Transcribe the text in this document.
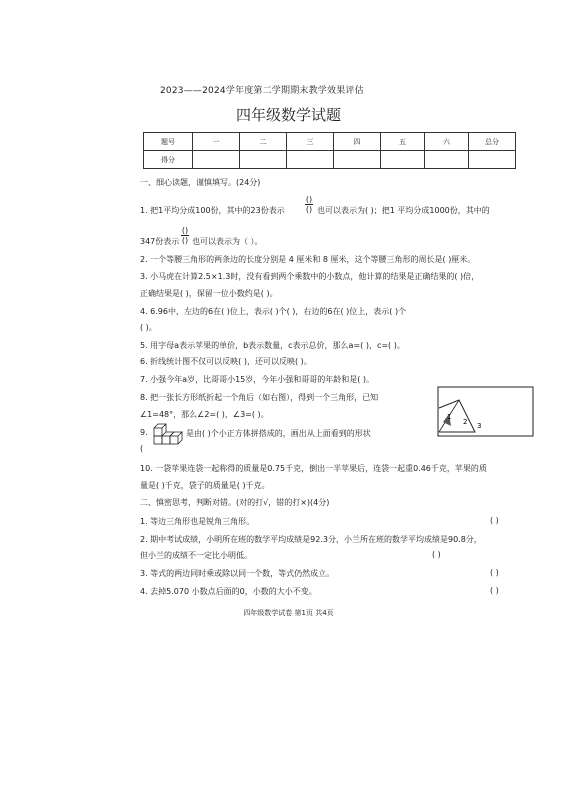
2023——2024学年度第二学期期末教学效果评估
四年级数学试题
题号	一	二	三	四	五	六	总分
得分							
一、细心读题，谨慎填写。(24分)
1. 把1平均分成100份，其中的23份表示
()
() 也可以表示为( )；把1 平均分成1000份，其中的
347份表示
()
() 也可以表示为（ ）。
2. 一个等腰三角形的两条边的长度分别是 4 厘米和 8 厘米，这个等腰三角形的周长是( )厘米。
3. 小马虎在计算2.5×1.3时，没有看到两个乘数中的小数点，他计算的结果是正确结果的( )倍，
正确结果是( )，保留一位小数约是( )。
4. 6.96中，左边的6在( )位上，表示( )个( )，右边的6在( )位上，表示( )个
( )。
5. 用字母a表示苹果的单价，b表示数量，c表示总价，那么a=( )，c=( )。
6. 折线统计图不仅可以反映( )，还可以反映( )。
7. 小强今年a岁，比哥哥小15岁，今年小强和哥哥的年龄和是( )。
8. 把一张长方形纸折起一个角后（如右图），得到一个三角形，已知
∠1=48°，那么∠2=( )，∠3=( )。	1
2 3
9.	是由( )个小正方体拼搭成的，画出从上面看到的形状
(
10. 一袋苹果连袋一起称得的质量是0.75千克，倒出一半苹果后，连袋一起重0.46千克，苹果的质
量是( )千克，袋子的质量是( )千克。
二、慎密思考，判断对错。(对的打√，错的打×)(4分)
1. 等边三角形也是锐角三角形。	( )
2. 期中考试成绩，小明所在班的数学平均成绩是92.3分，小兰所在班的数学平均成绩是90.8分，
但小兰的成绩不一定比小明低。	( )
3. 等式的两边同时乘或除以同一个数，等式仍然成立。	( )
4. 去掉5.070 小数点后面的0，小数的大小不变。	( )
四年级数学试卷 第1页 共4页
